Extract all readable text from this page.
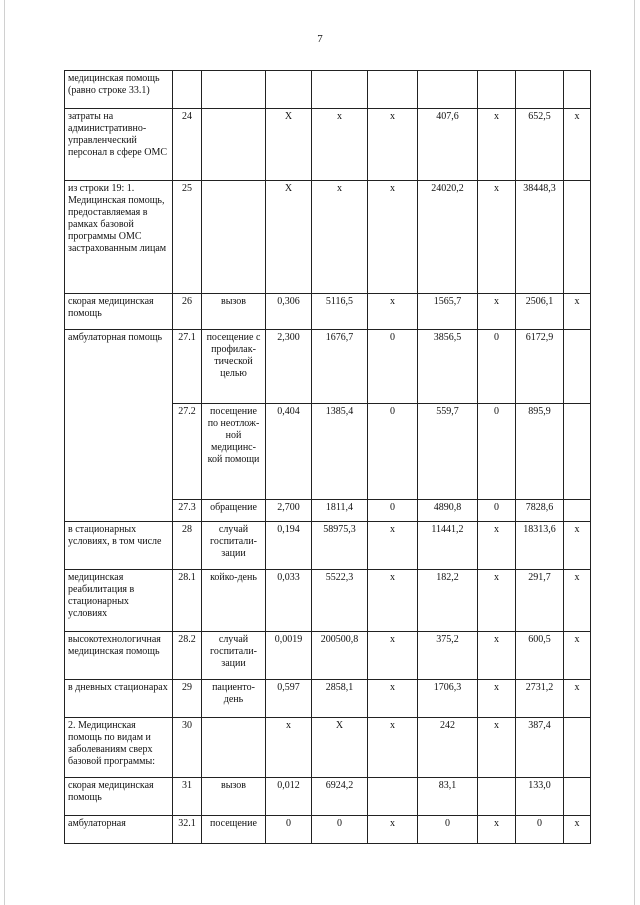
7
медицинская помощь (равно строке 33.1)									
затраты на административно-управленческий персонал в сфере ОМС	24		X	х	х	407,6	х	652,5	х
из строки 19: 1. Медицинская помощь, предоставляемая в рамках базовой программы ОМС застрахованным лицам	25		X	х	х	24020,2	х	38448,3	
скорая медицинская помощь	26	вызов	0,306	5116,5	х	1565,7	х	2506,1	х
амбулаторная помощь	27.1	посещение с профилак-тической целью	2,300	1676,7	0	3856,5	0	6172,9	
	27.2	посещение по неотлож-ной медицинс-кой помощи	0,404	1385,4	0	559,7	0	895,9	
	27.3	обращение	2,700	1811,4	0	4890,8	0	7828,6	
в стационарных условиях, в том числе	28	случай госпитали-зации	0,194	58975,3	х	11441,2	х	18313,6	х
медицинская реабилитация в стационарных условиях	28.1	койко-день	0,033	5522,3	х	182,2	х	291,7	х
высокотехнологичная медицинская помощь	28.2	случай госпитали-зации	0,0019	200500,8	х	375,2	х	600,5	х
в дневных стационарах	29	пациенто-день	0,597	2858,1	х	1706,3	х	2731,2	х
2. Медицинская помощь по видам и заболеваниям сверх базовой программы:	30		х	X	х	242	х	387,4	
скорая медицинская помощь	31	вызов	0,012	6924,2		83,1		133,0	
амбулаторная	32.1	посещение	0	0	х	0	х	0	х
